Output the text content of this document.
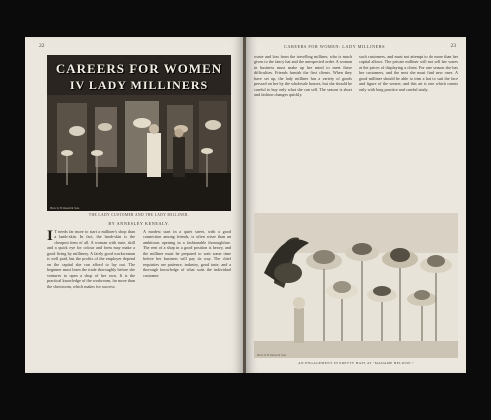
22
CAREERS FOR WOMEN
IV LADY MILLINERS
Photo by H. Russell & Sons.
THE LADY CUSTOMER AND THE LADY MILLINER.
BY ANNESLEY KENEALY.
I T needs far more to start a milliner's shop than a lamb-skin. In fact, the lamb-skin is the cheapest item of all. A woman with taste, skill and a quick eye for colour and form may make a good living by millinery. A fairly good workwoman is well paid, but the profits of the employer depend on the capital she can afford to lay out. The beginner must learn the trade thoroughly before she ventures to open a shop of her own. It is the practical knowledge of the workroom, far more than the showroom, which makes for success.
A modest start in a quiet street, with a good connection among friends, is often wiser than an ambitious opening in a fashionable thoroughfare. The rent of a shop in a good position is heavy, and the milliner must be prepared to wait some time before her business will pay its way. The chief requisites are patience, industry, good taste, and a thorough knowledge of what suits the individual customer.
CAREERS FOR WOMEN: LADY MILLINERS	23
waste and loss from the travelling milliner, who is much given to the fancy hat and the unexpected order. A woman in business must make up her mind to meet these difficulties. Friends furnish the first clients. When they have set up, the lady milliner has a variety of goods pressed on her by the wholesale houses, but she should be careful to buy only what she can sell. The season is short and fashion changes quickly.
such customers, and must not attempt to do more than her capital allows. The private milliner will not sell her wares at the prices of displaying a client. For one season she has her customers, and the next she must find new ones. A good milliner should be able to trim a hat to suit the face and figure of the wearer, and this art is one which comes only with long practice and careful study.
Photo by H. Russell & Sons.
AN ENGAGEMENT IN PRETTY HATS AT "MADAME HELOISE."
